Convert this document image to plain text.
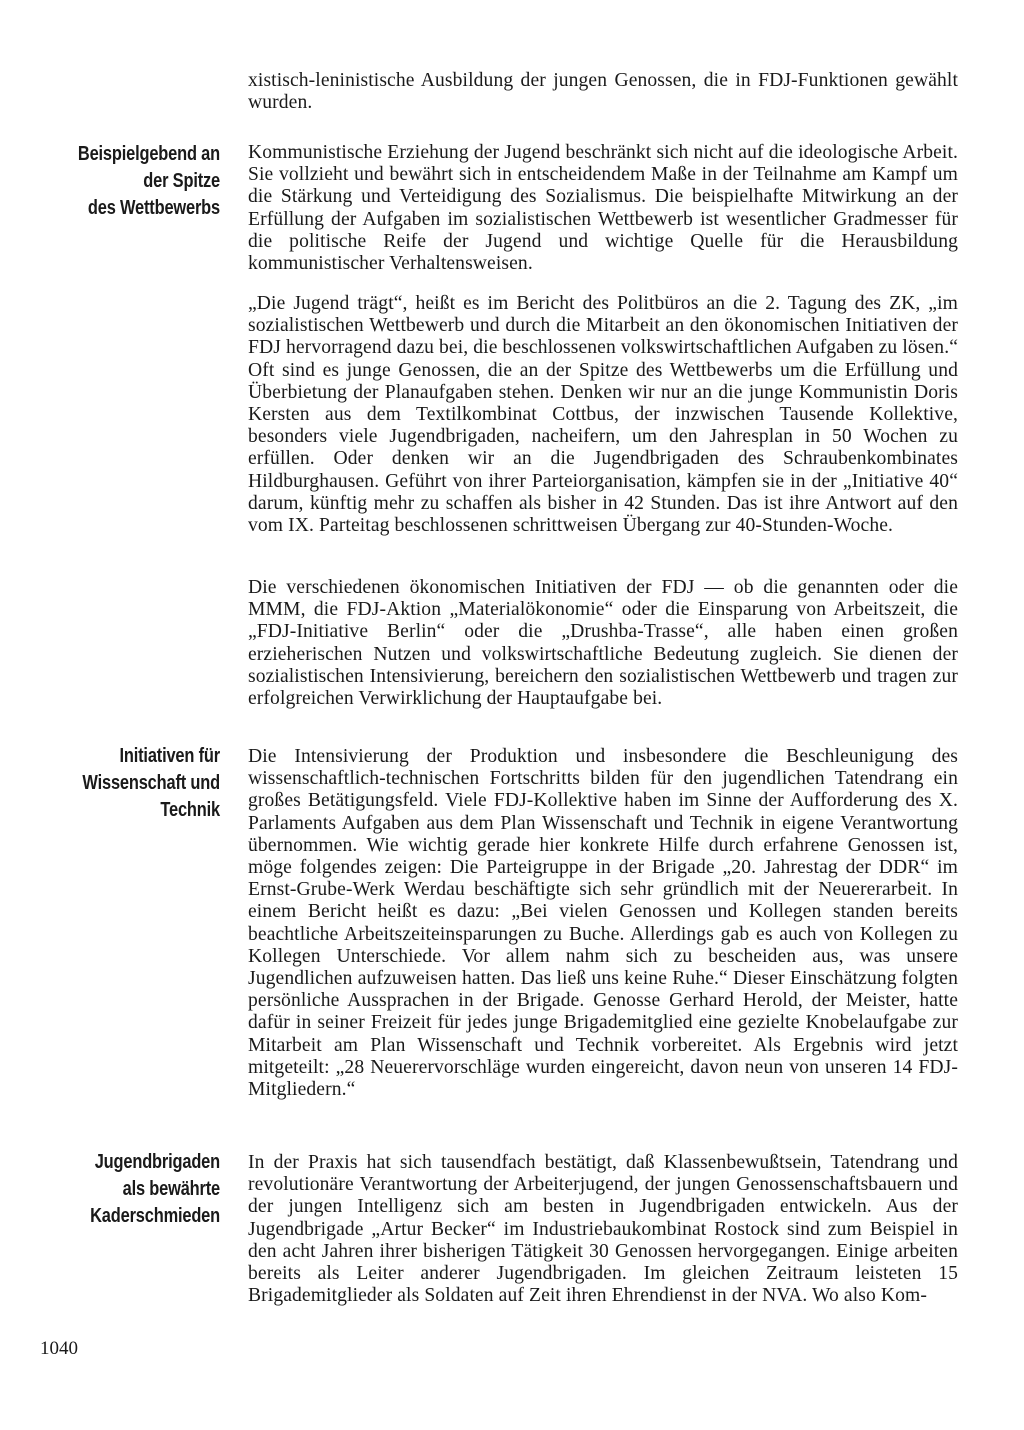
xistisch-leninistische Ausbildung der jungen Genossen, die in FDJ-Funktionen gewählt wurden.

Kommunistische Erziehung der Jugend beschränkt sich nicht auf die ideologische Arbeit. Sie vollzieht und bewährt sich in entscheidendem Maße in der Teilnahme am Kampf um die Stärkung und Verteidigung des Sozialismus. Die beispielhafte Mitwirkung an der Erfüllung der Aufgaben im sozialistischen Wettbewerb ist wesentlicher Gradmesser für die politische Reife der Jugend und wichtige Quelle für die Herausbildung kommunistischer Verhaltensweisen.

„Die Jugend trägt“, heißt es im Bericht des Politbüros an die 2. Tagung des ZK, „im sozialistischen Wettbewerb und durch die Mitarbeit an den ökonomischen Initiativen der FDJ hervorragend dazu bei, die beschlossenen volkswirtschaftlichen Aufgaben zu lösen.“ Oft sind es junge Genossen, die an der Spitze des Wettbewerbs um die Erfüllung und Überbietung der Planaufgaben stehen. Denken wir nur an die junge Kommunistin Doris Kersten aus dem Textilkombinat Cottbus, der inzwischen Tausende Kollektive, besonders viele Jugendbrigaden, nacheifern, um den Jahresplan in 50 Wochen zu erfüllen. Oder denken wir an die Jugendbrigaden des Schraubenkombinates Hildburghausen. Geführt von ihrer Parteiorganisation, kämpfen sie in der „Initiative 40“ darum, künftig mehr zu schaffen als bisher in 42 Stunden. Das ist ihre Antwort auf den vom IX. Parteitag beschlossenen schrittweisen Übergang zur 40-Stunden-Woche.

Die verschiedenen ökonomischen Initiativen der FDJ — ob die genannten oder die MMM, die FDJ-Aktion „Materialökonomie“ oder die Einsparung von Arbeitszeit, die „FDJ-Initiative Berlin“ oder die „Drushba-Trasse“, alle haben einen großen erzieherischen Nutzen und volkswirtschaftliche Bedeutung zugleich. Sie dienen der sozialistischen Intensivierung, bereichern den sozialistischen Wettbewerb und tragen zur erfolgreichen Verwirklichung der Hauptaufgabe bei.

Die Intensivierung der Produktion und insbesondere die Beschleunigung des wissenschaftlich-technischen Fortschritts bilden für den jugendlichen Tatendrang ein großes Betätigungsfeld. Viele FDJ-Kollektive haben im Sinne der Aufforderung des X. Parlaments Aufgaben aus dem Plan Wissenschaft und Technik in eigene Verantwortung übernommen. Wie wichtig gerade hier konkrete Hilfe durch erfahrene Genossen ist, möge folgendes zeigen: Die Parteigruppe in der Brigade „20. Jahrestag der DDR“ im Ernst-Grube-Werk Werdau beschäftigte sich sehr gründlich mit der Neuererarbeit. In einem Bericht heißt es dazu: „Bei vielen Genossen und Kollegen standen bereits beachtliche Arbeitszeiteinsparungen zu Buche. Allerdings gab es auch von Kollegen zu Kollegen Unterschiede. Vor allem nahm sich zu bescheiden aus, was unsere Jugendlichen aufzuweisen hatten. Das ließ uns keine Ruhe.“ Dieser Einschätzung folgten persönliche Aussprachen in der Brigade. Genosse Gerhard Herold, der Meister, hatte dafür in seiner Freizeit für jedes junge Brigademitglied eine gezielte Knobelaufgabe zur Mitarbeit am Plan Wissenschaft und Technik vorbereitet. Als Ergebnis wird jetzt mitgeteilt: „28 Neuerervorschläge wurden eingereicht, davon neun von unseren 14 FDJ-Mitgliedern.“

In der Praxis hat sich tausendfach bestätigt, daß Klassenbewußtsein, Tatendrang und revolutionäre Verantwortung der Arbeiterjugend, der jungen Genossenschaftsbauern und der jungen Intelligenz sich am besten in Jugendbrigaden entwickeln. Aus der Jugendbrigade „Artur Becker“ im Industriebaukombinat Rostock sind zum Beispiel in den acht Jahren ihrer bisherigen Tätigkeit 30 Genossen hervorgegangen. Einige arbeiten bereits als Leiter anderer Jugendbrigaden. Im gleichen Zeitraum leisteten 15 Brigademitglieder als Soldaten auf Zeit ihren Ehrendienst in der NVA. Wo also Kom-

Beispielgebend an
der Spitze
des Wettbewerbs
Initiativen für
Wissenschaft und
Technik
Jugendbrigaden
als bewährte
Kaderschmieden

1040
